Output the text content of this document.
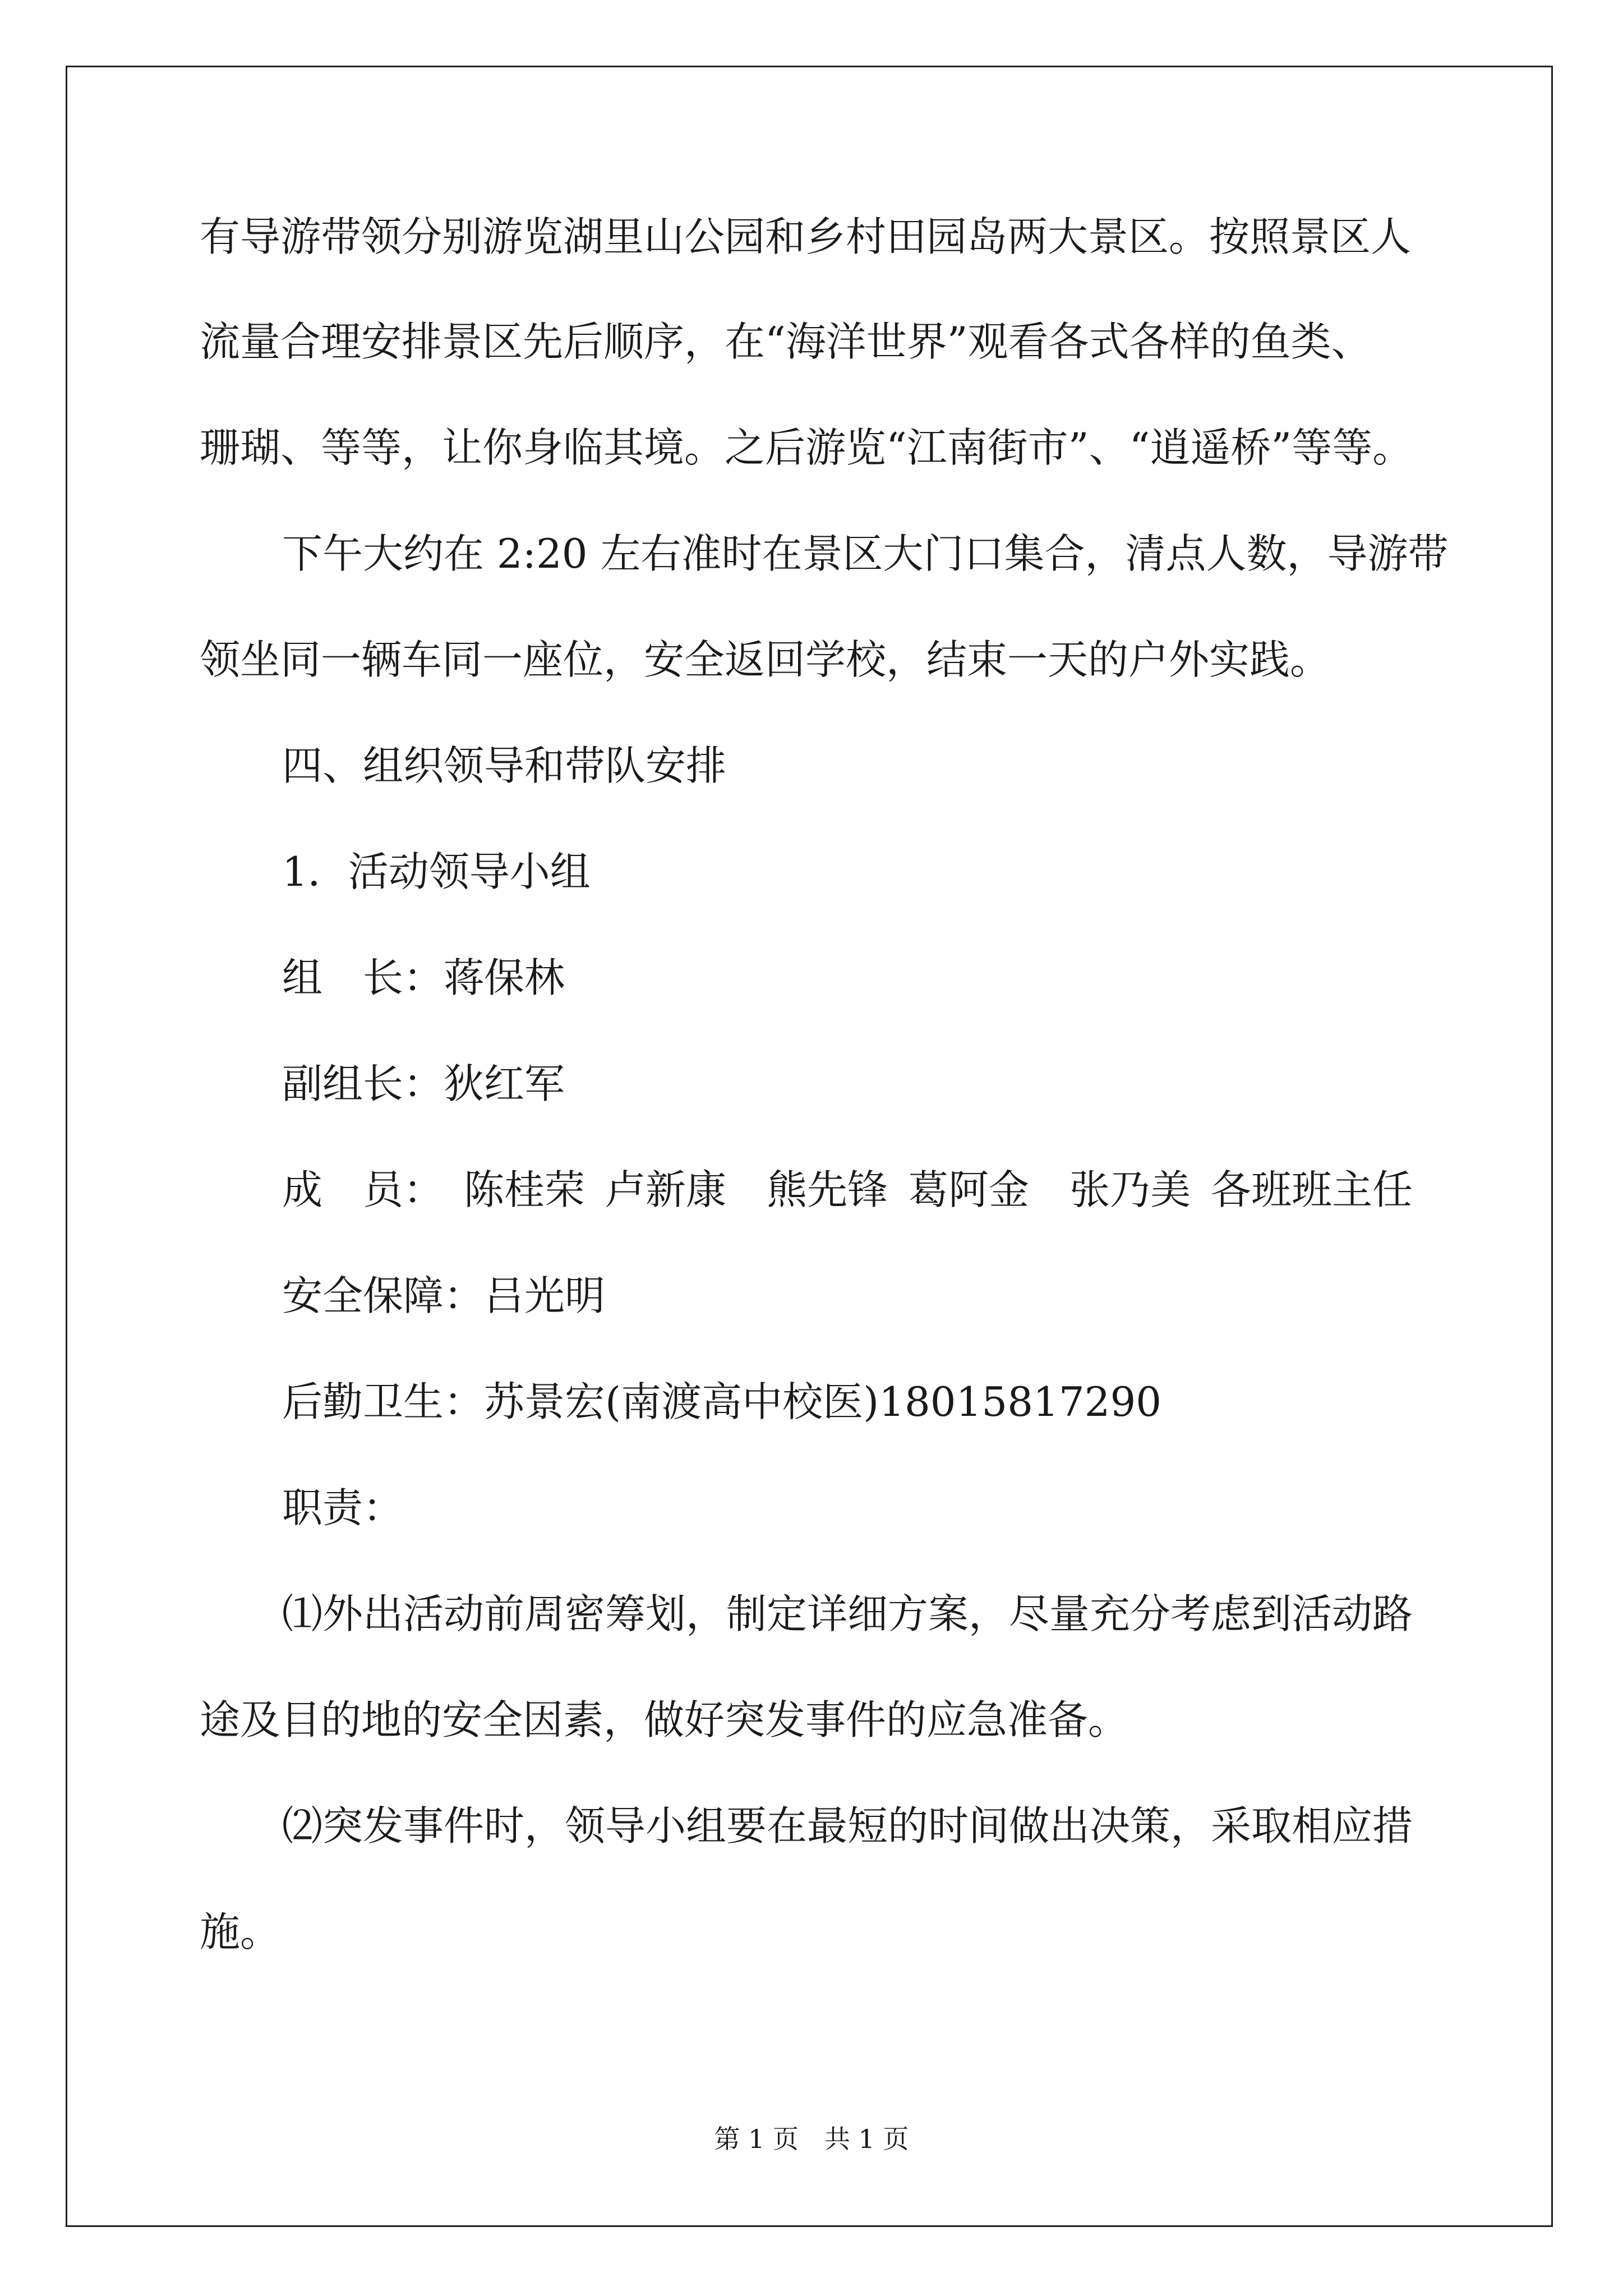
有导游带领分别游览湖里山公园和乡村田园岛两大景区。按照景区人
流量合理安排景区先后顺序，在“海洋世界”观看各式各样的鱼类、
珊瑚、等等，让你身临其境。之后游览“江南街市”、“逍遥桥”等等。
下午大约在 2:20 左右准时在景区大门口集合，清点人数，导游带
领坐同一辆车同一座位，安全返回学校，结束一天的户外实践。
四、组织领导和带队安排
1．活动领导小组
组 长：蒋保林
副组长：狄红军
成 员： 陈桂荣 卢新康 熊先锋 葛阿金 张乃美 各班班主任
安全保障：吕光明
后勤卫生：苏景宏(南渡高中校医)18015817290
职责：
⑴外出活动前周密筹划，制定详细方案，尽量充分考虑到活动路
途及目的地的安全因素，做好突发事件的应急准备。
⑵突发事件时，领导小组要在最短的时间做出决策，采取相应措
施。
第 1 页　共 1 页
